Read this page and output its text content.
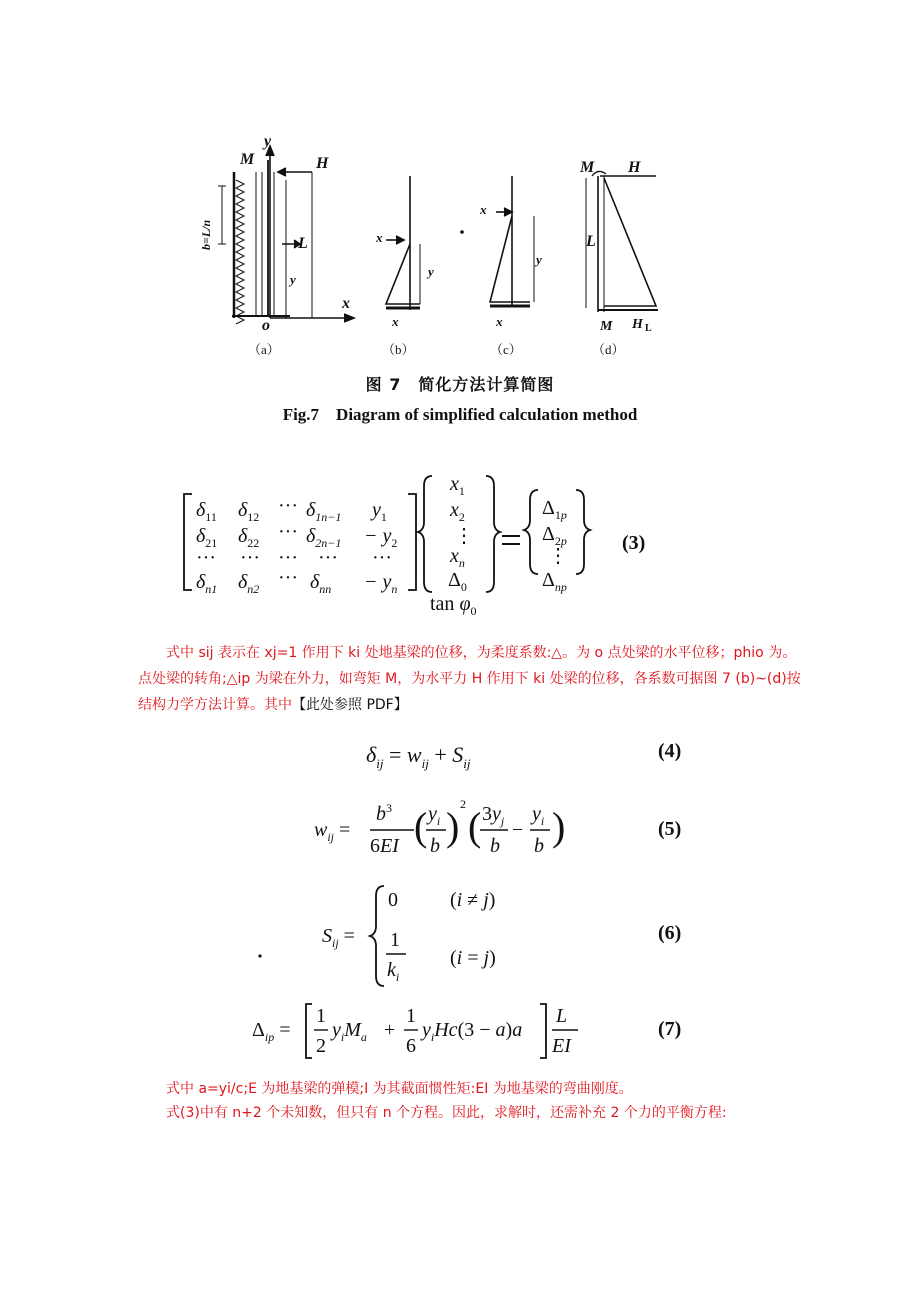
M	H
y
x
o
L
y
y
x
x
x
x
y
M H
L
M H L
b=L/n
（a）	（b）	（c）	（d）
图 7　简化方法计算简图
Fig.7　Diagram of simplified calculation method
$\delta_{11}$ $\delta_{12}$ ··· $\delta_{1n-1}$ $y_1$
$\delta_{21}$ $\delta_{22}$ ··· $\delta_{2n-1} - y_2$
··· ··· ··· ··· ···
$\delta_{n1}$ $\delta_{n2}$ ··· $\delta_{nn} - y_n$
$x_1$
$x_2$
⋮
$x_n$
$\Delta_0$
$\tan \varphi_0$
$\Delta_1p$
$\Delta_2p$
⋮
$\Delta_{np}$
(3)

式中 sij 表示在 xj=1 作用下 ki 处地基梁的位移，为柔度系数:△。为 o 点处梁的水平位移；phio 为。点处梁的转角;△ip 为梁在外力，如弯矩 M，为水平力 H 作用下 ki 处梁的位移，各系数可据图 7 (b)~(d)按结构力学方法计算。其中【此处参照 PDF】

$\delta_{ij} = w_{ij} + S_{ij}$
(4)
$w_{ij}$ =
$b^3$
6EI ( $y_i$
b ) 2 ( $3y_j$
b
−
$y_i$
b )	(5)
$S_{ij}$ =
0	(i ≠ j)
1
$k_i$
(i = j)
(6)
$\Delta_{ip}$ =
1
2
$y_iM_a$ +
1
6
$y_iHc(3 - a)a$
L
EI
(7)

式中 a=yi/c;E 为地基梁的弹模;I 为其截面惯性矩:EI 为地基梁的弯曲刚度。

式(3)中有 n+2 个未知数，但只有 n 个方程。因此，求解时，还需补充 2 个力的平衡方程:
